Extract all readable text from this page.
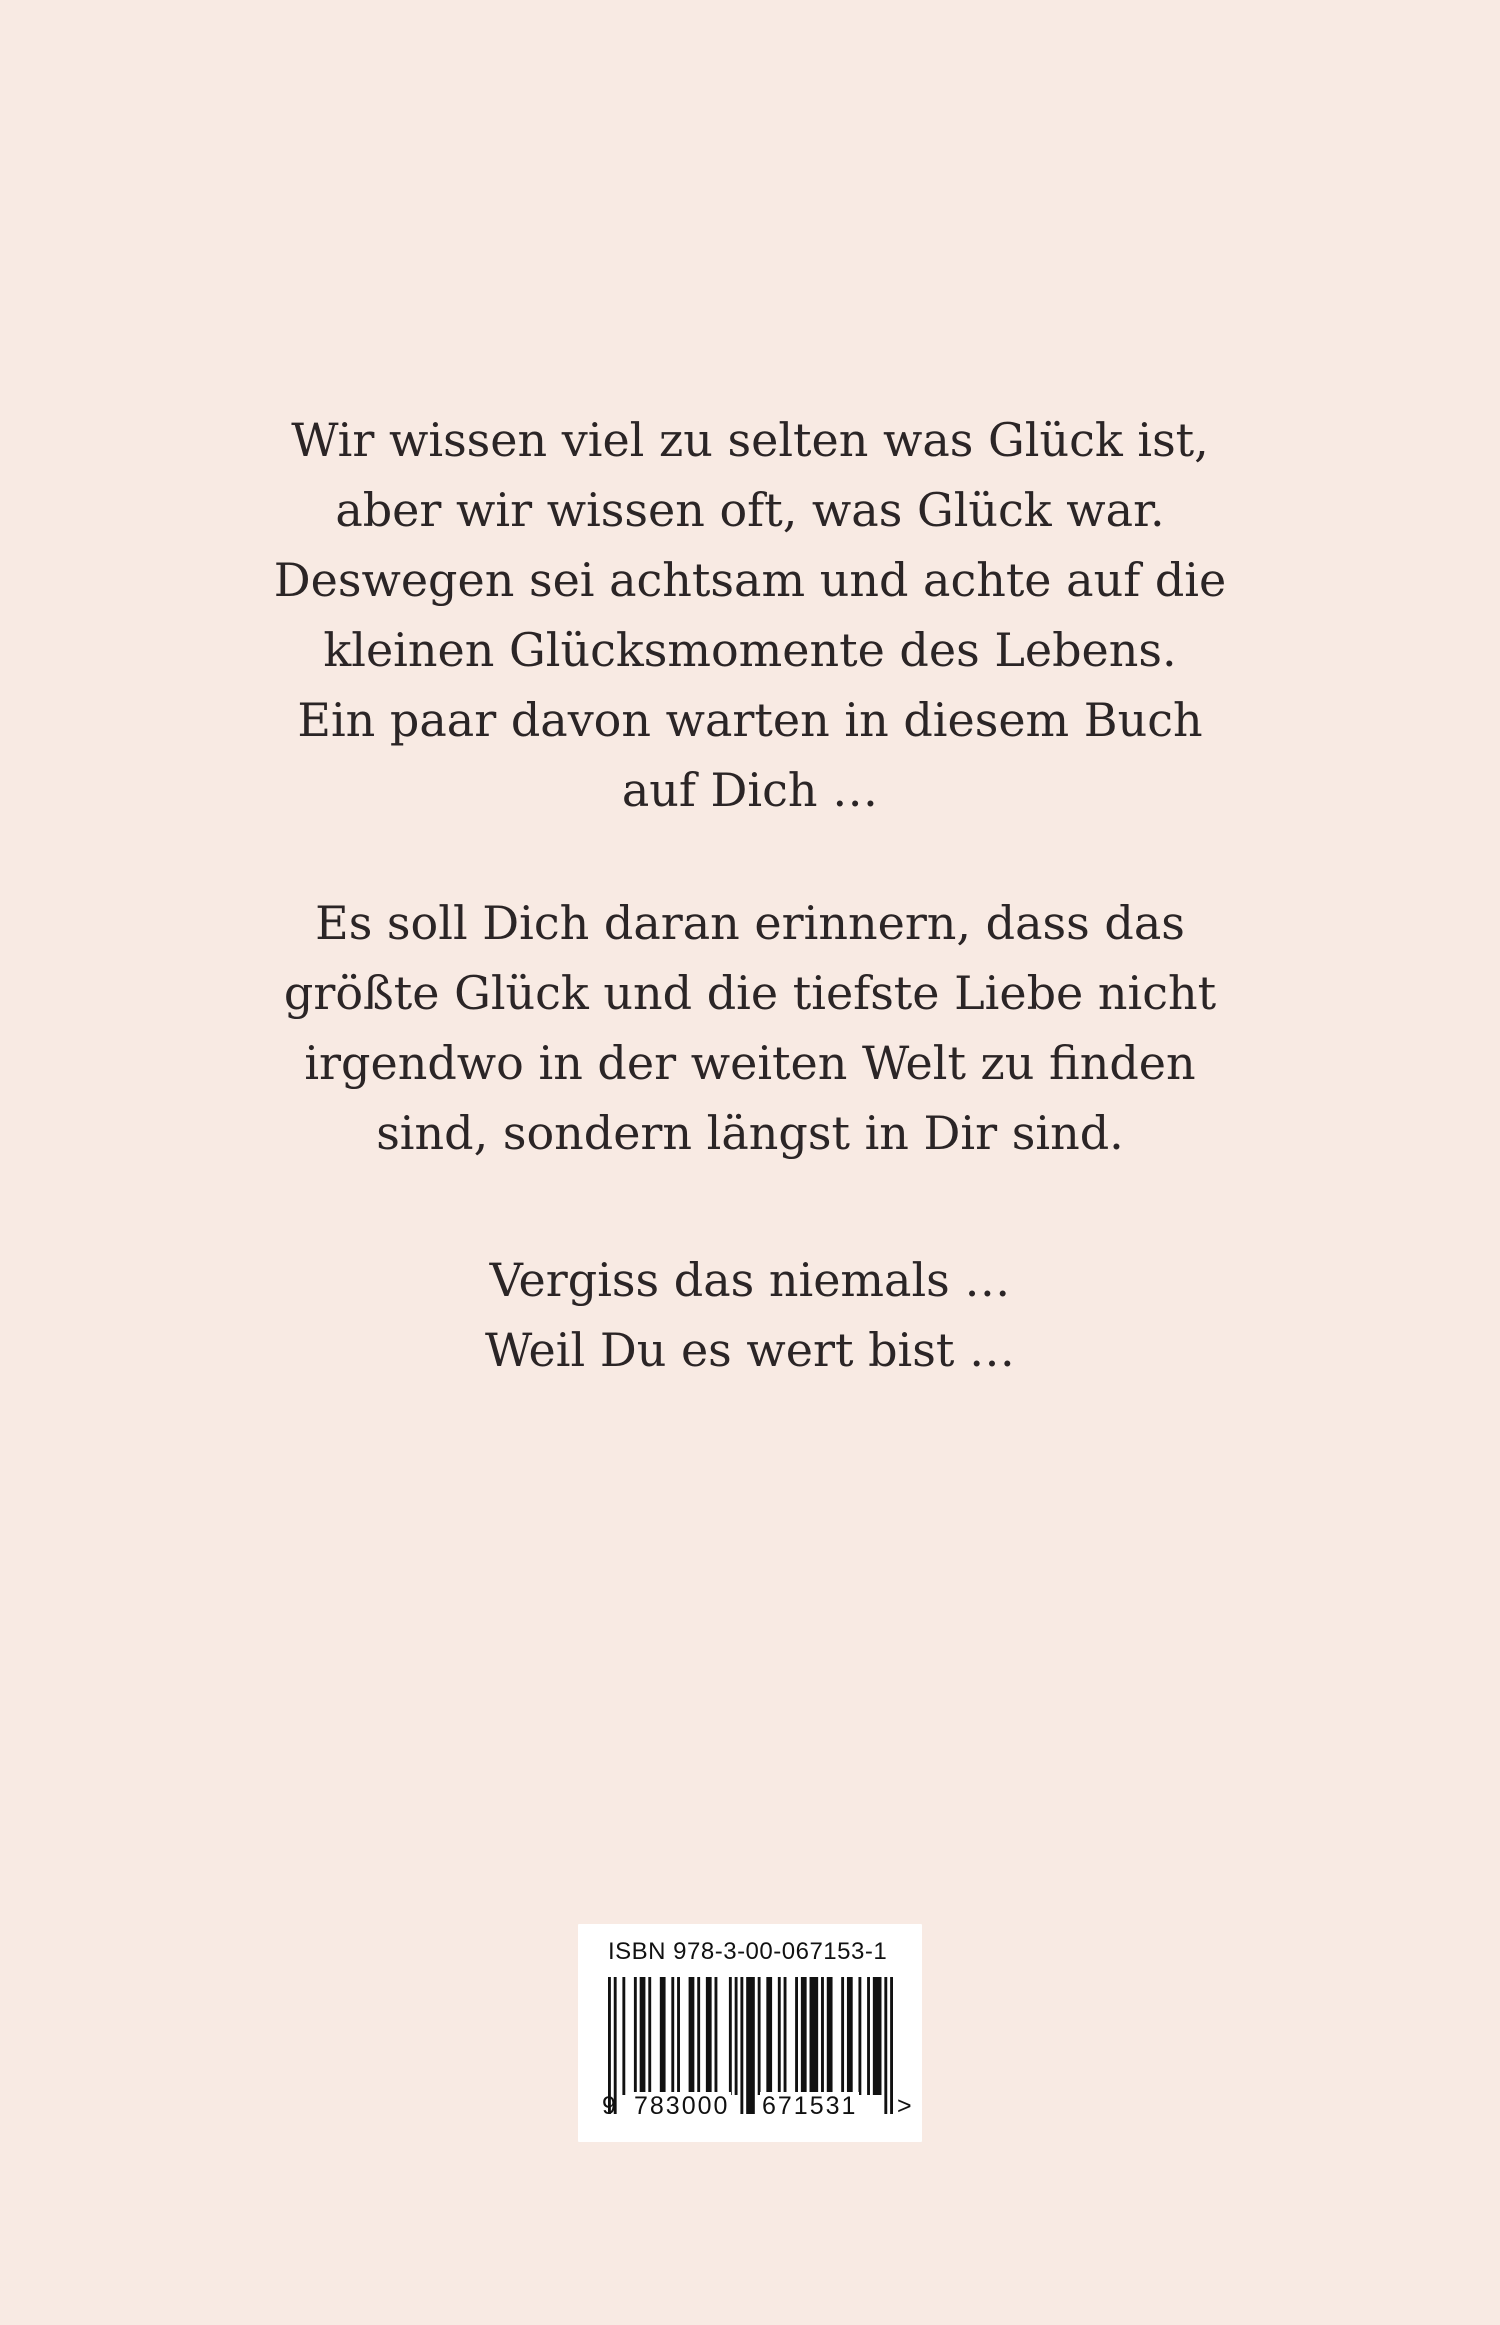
Wir wissen viel zu selten was Glück ist,
aber wir wissen oft, was Glück war.
Deswegen sei achtsam und achte auf die
kleinen Glücksmomente des Lebens.
Ein paar davon warten in diesem Buch
auf Dich …

Es soll Dich daran erinnern, dass das
größte Glück und die tiefste Liebe nicht
irgendwo in der weiten Welt zu finden
sind, sondern längst in Dir sind.

Vergiss das niemals …
Weil Du es wert bist …

ISBN 978-3-00-067153-1
9 783000 671531 >
